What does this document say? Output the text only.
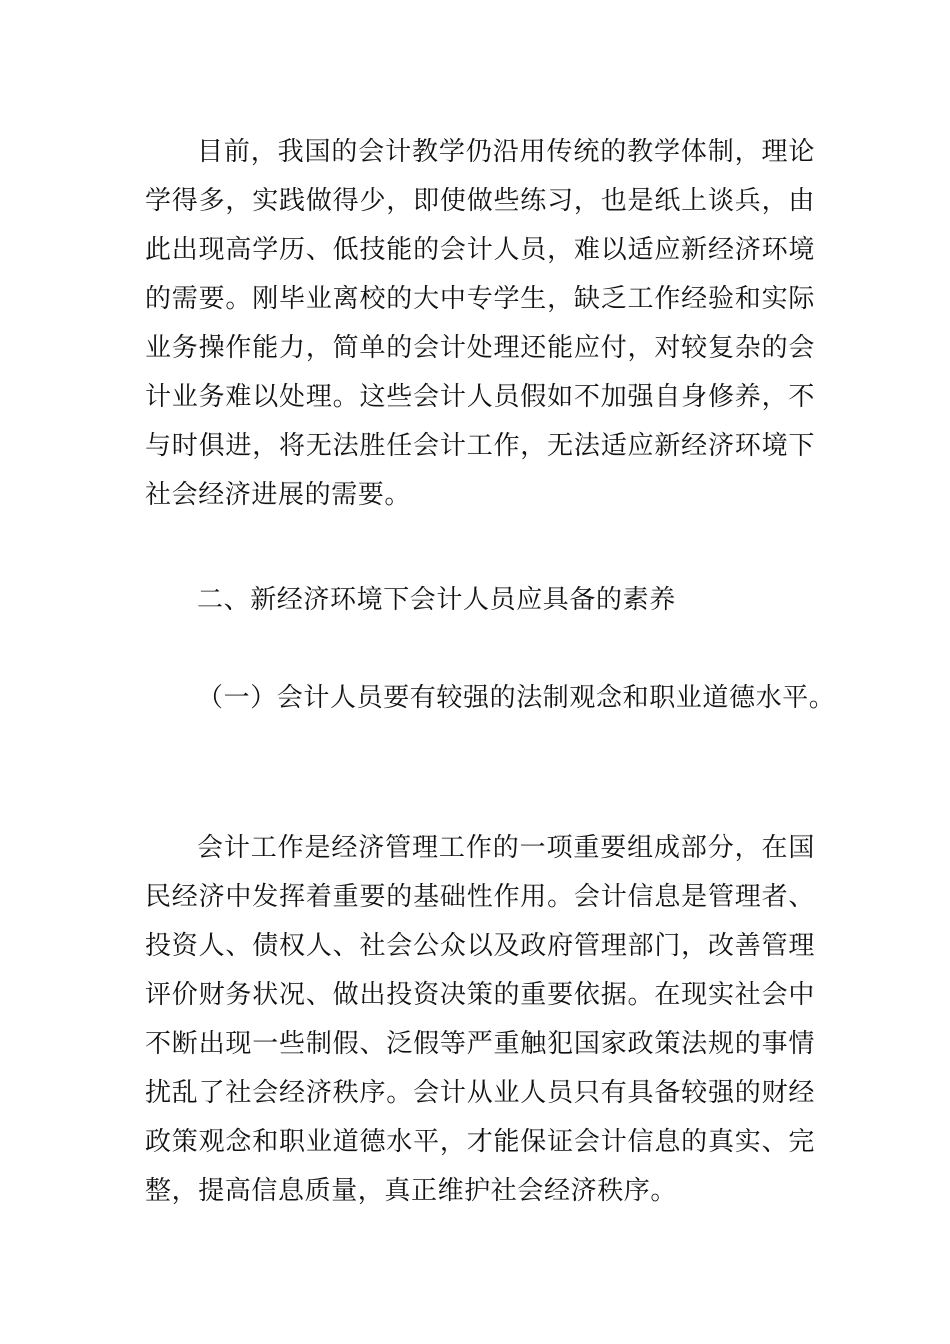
目前，我国的会计教学仍沿用传统的教学体制，理论学得多，实践做得少，即使做些练习，也是纸上谈兵，由此出现高学历、低技能的会计人员，难以适应新经济环境的需要。刚毕业离校的大中专学生，缺乏工作经验和实际业务操作能力，简单的会计处理还能应付，对较复杂的会计业务难以处理。这些会计人员假如不加强自身修养，不与时俱进，将无法胜任会计工作，无法适应新经济环境下社会经济进展的需要。

二、新经济环境下会计人员应具备的素养
（一）会计人员要有较强的法制观念和职业道德水平。

会计工作是经济管理工作的一项重要组成部分，在国民经济中发挥着重要的基础性作用。会计信息是管理者、投资人、债权人、社会公众以及政府管理部门，改善管理评价财务状况、做出投资决策的重要依据。在现实社会中不断出现一些制假、泛假等严重触犯国家政策法规的事情扰乱了社会经济秩序。会计从业人员只有具备较强的财经政策观念和职业道德水平，才能保证会计信息的真实、完整，提高信息质量，真正维护社会经济秩序。
